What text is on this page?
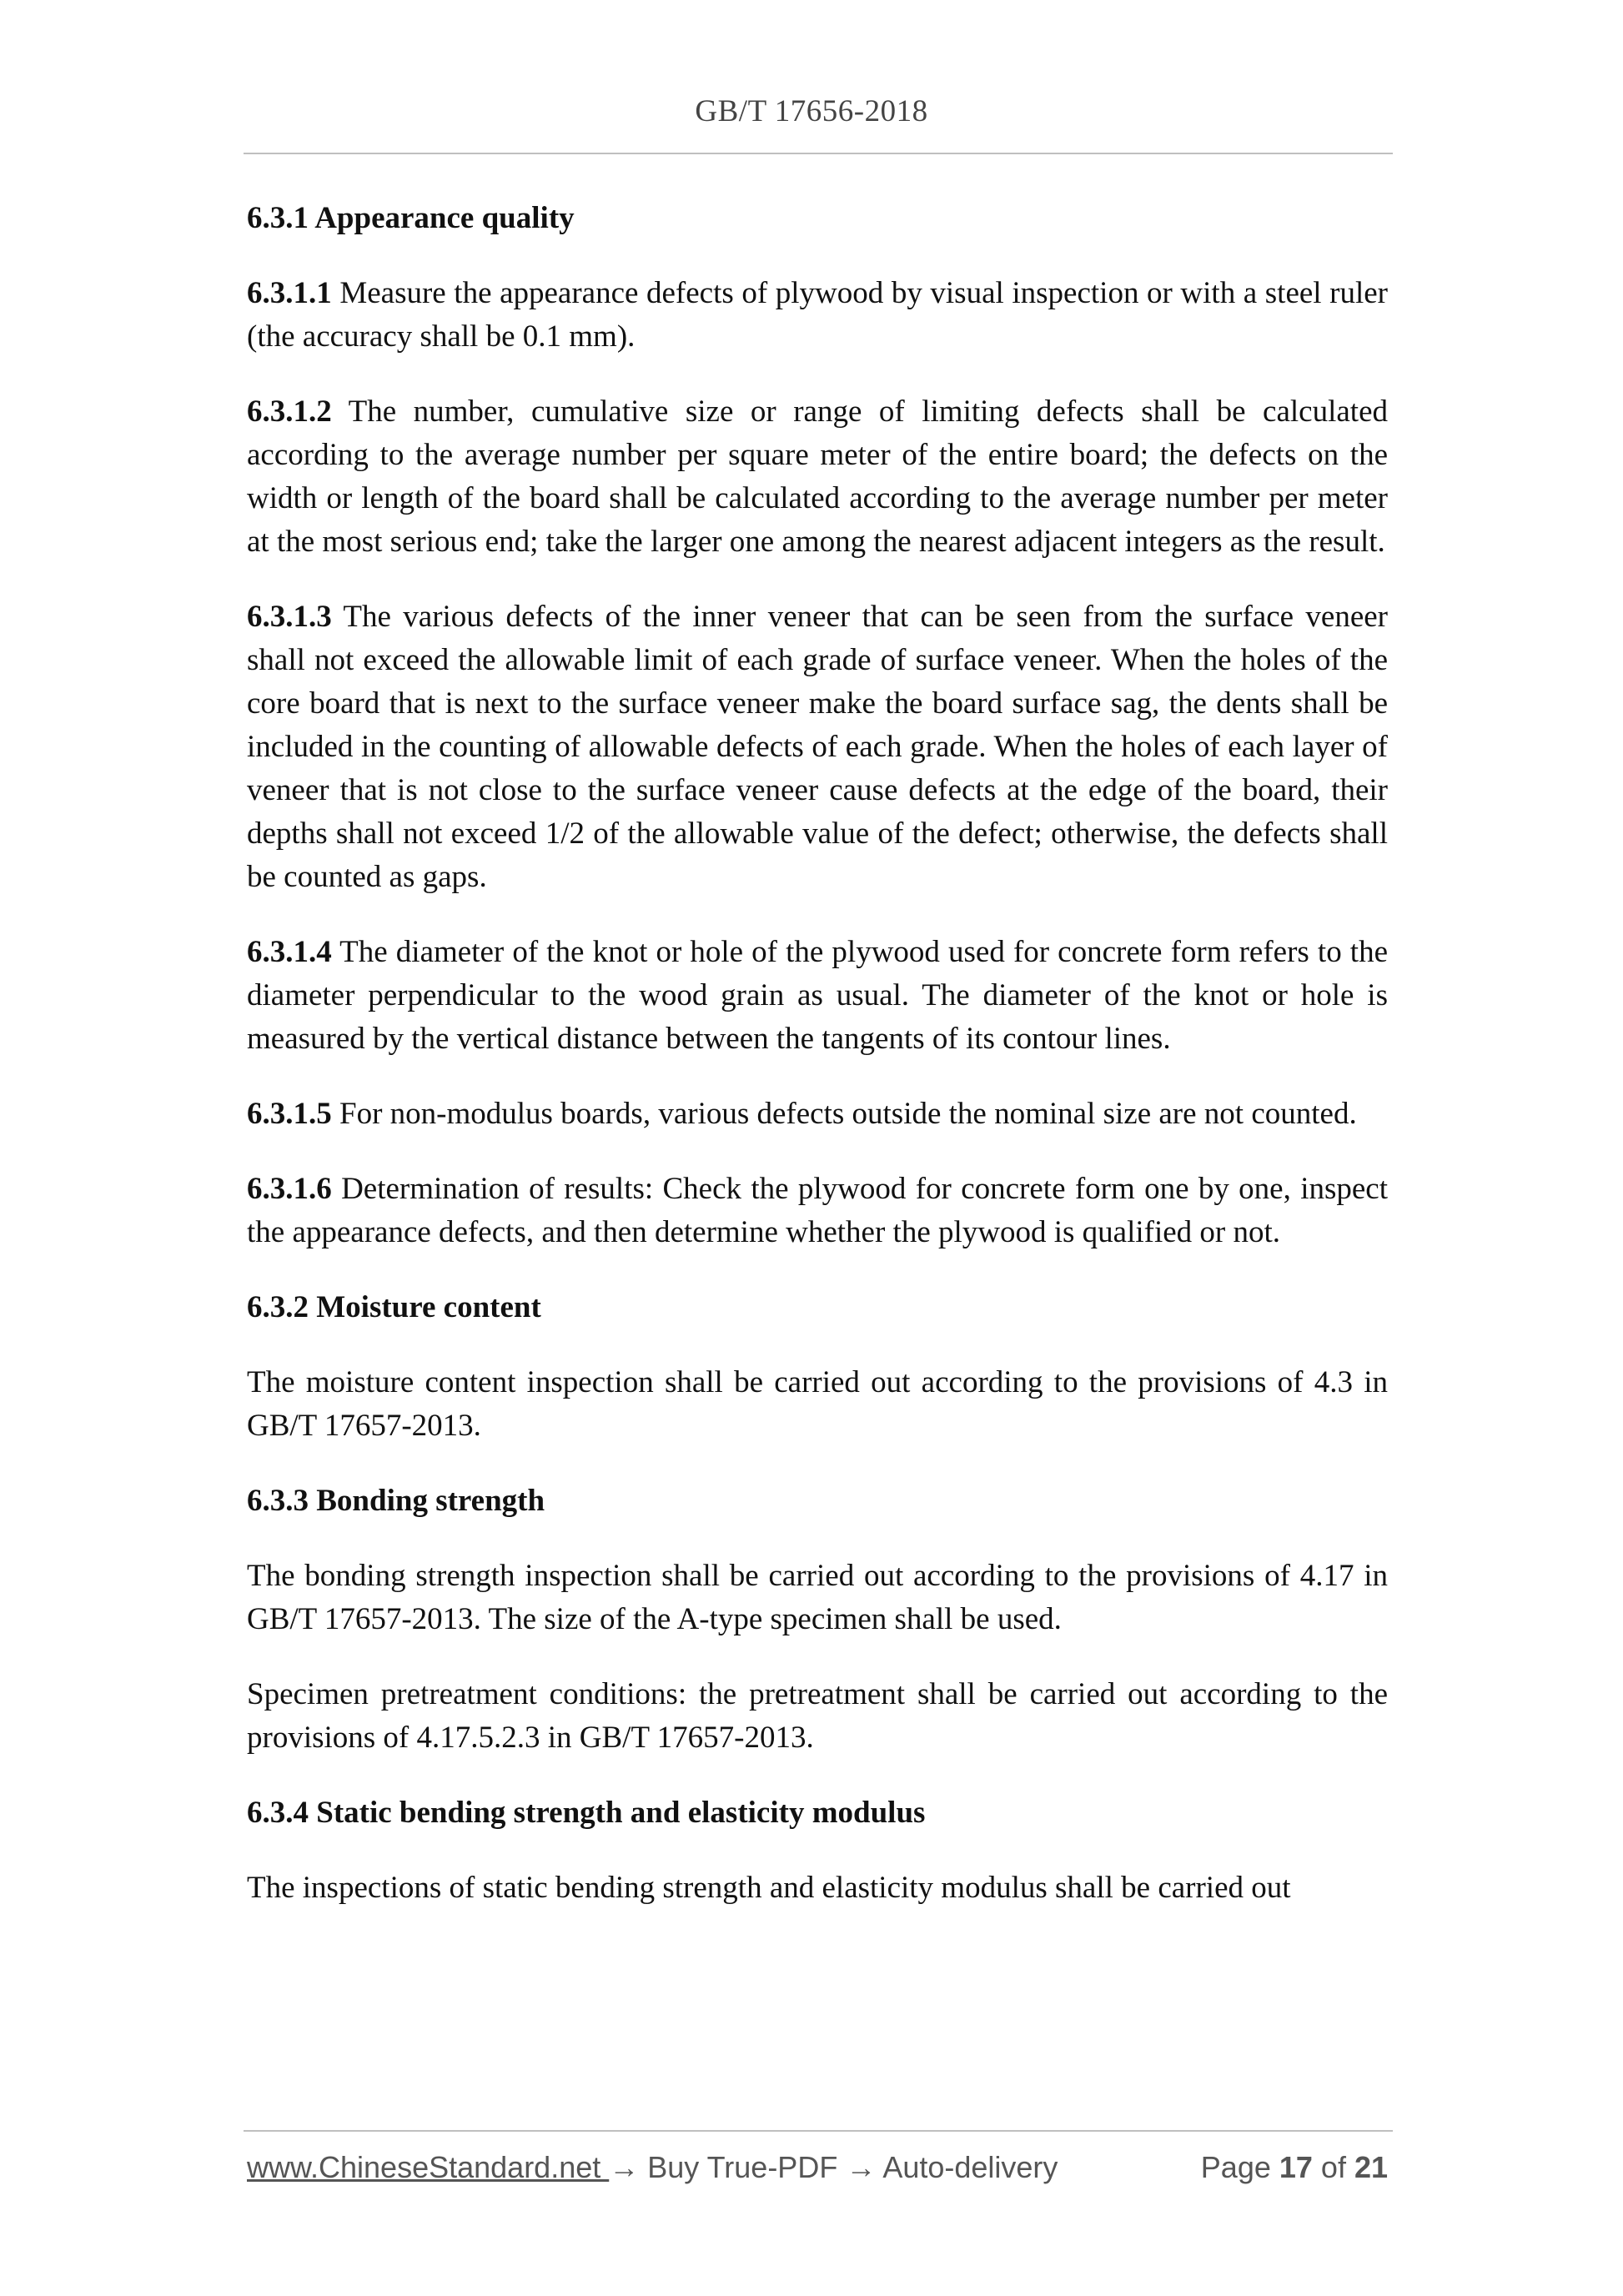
GB/T 17656-2018
6.3.1 Appearance quality

6.3.1.1 Measure the appearance defects of plywood by visual inspection or with a steel ruler (the accuracy shall be 0.1 mm).

6.3.1.2 The number, cumulative size or range of limiting defects shall be calculated according to the average number per square meter of the entire board; the defects on the width or length of the board shall be calculated according to the average number per meter at the most serious end; take the larger one among the nearest adjacent integers as the result.

6.3.1.3 The various defects of the inner veneer that can be seen from the surface veneer shall not exceed the allowable limit of each grade of surface veneer. When the holes of the core board that is next to the surface veneer make the board surface sag, the dents shall be included in the counting of allowable defects of each grade. When the holes of each layer of veneer that is not close to the surface veneer cause defects at the edge of the board, their depths shall not exceed 1/2 of the allowable value of the defect; otherwise, the defects shall be counted as gaps.

6.3.1.4 The diameter of the knot or hole of the plywood used for concrete form refers to the diameter perpendicular to the wood grain as usual. The diameter of the knot or hole is measured by the vertical distance between the tangents of its contour lines.

6.3.1.5 For non-modulus boards, various defects outside the nominal size are not counted.

6.3.1.6 Determination of results: Check the plywood for concrete form one by one, inspect the appearance defects, and then determine whether the plywood is qualified or not.

6.3.2 Moisture content

The moisture content inspection shall be carried out according to the provisions of 4.3 in GB/T 17657-2013.

6.3.3 Bonding strength

The bonding strength inspection shall be carried out according to the provisions of 4.17 in GB/T 17657-2013. The size of the A-type specimen shall be used.

Specimen pretreatment conditions: the pretreatment shall be carried out according to the provisions of 4.17.5.2.3 in GB/T 17657-2013.

6.3.4 Static bending strength and elasticity modulus

The inspections of static bending strength and elasticity modulus shall be carried out

www.ChineseStandard.net → Buy True-PDF → Auto-delivery	Page 17 of 21
